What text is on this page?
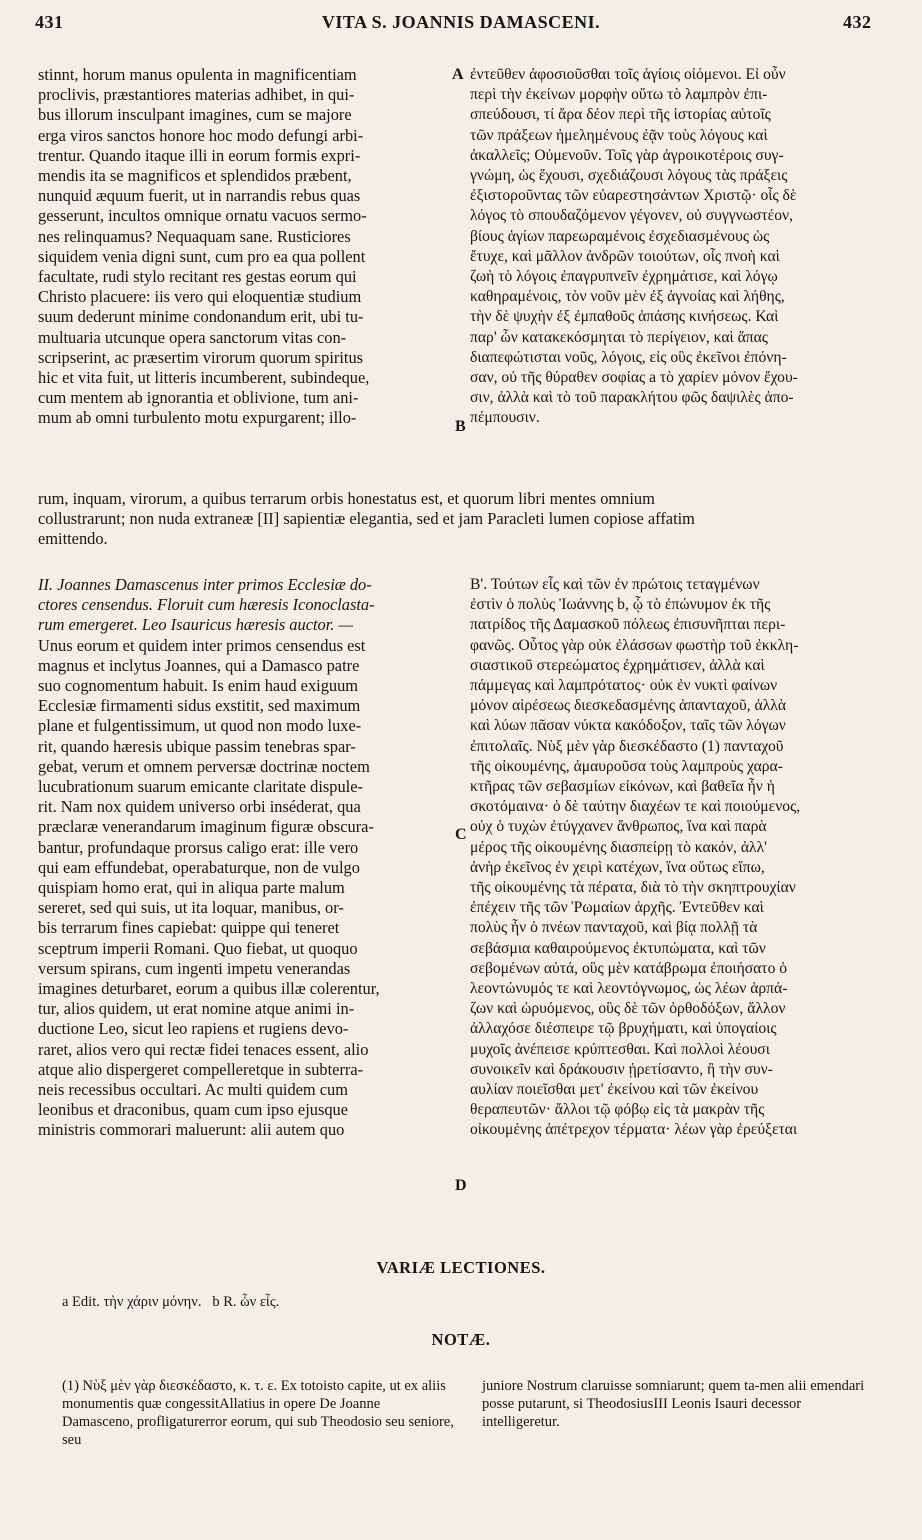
431	VITA S. JOANNIS DAMASCENI.	432
stinnt, horum manus opulenta in magnificentiam
proclivis, præstantiores materias adhibet, in qui-
bus illorum insculpant imagines, cum se majore
erga viros sanctos honore hoc modo defungi arbi-
trentur. Quando itaque illi in eorum formis expri-
mendis ita se magnificos et splendidos præbent,
nunquid æquum fuerit, ut in narrandis rebus quas
gesserunt, incultos omnique ornatu vacuos sermo-
nes relinquamus? Nequaquam sane. Rusticiores
siquidem venia digni sunt, cum pro ea qua pollent
facultate, rudi stylo recitant res gestas eorum qui
Christo placuere: iis vero qui eloquentiæ studium
suum dederunt minime condonandum erit, ubi tu-
multuaria utcunque opera sanctorum vitas con-
scripserint, ac præsertim virorum quorum spiritus
hic et vita fuit, ut litteris incumberent, subindeque,
cum mentem ab ignorantia et oblivione, tum ani-
mum ab omni turbulento motu expurgarent; illo-
ἐντεῦθεν ἀφοσιοῦσθαι τοῖς ἁγίοις οἰόμενοι. Εἰ οὖν
περὶ τὴν ἐκείνων μορφὴν οὕτω τὸ λαμπρὸν ἐπι-
σπεύδουσι, τί ἄρα δέον περὶ τῆς ἱστορίας αὐτοῖς
τῶν πράξεων ἠμελημένους ἐᾷν τοὺς λόγους καὶ
ἀκαλλεῖς; Οὐμενοῦν. Τοῖς γὰρ ἀγροικοτέροις συγ-
γνώμη, ὡς ἔχουσι, σχεδιάζουσι λόγους τὰς πράξεις
ἐξιστοροῦντας τῶν εὐαρεστησάντων Χριστῷ· οἷς δὲ
λόγος τὸ σπουδαζόμενον γέγονεν, οὐ συγγνωστέον,
βίους ἁγίων παρεωραμένοις ἐσχεδιασμένους ὡς
ἔτυχε, καὶ μᾶλλον ἀνδρῶν τοιούτων, οἷς πνοὴ καὶ
ζωὴ τὸ λόγοις ἐπαγρυπνεῖν ἐχρημάτισε, καὶ λόγῳ
καθηραμένοις, τὸν νοῦν μὲν ἐξ ἀγνοίας καὶ λήθης,
τὴν δὲ ψυχὴν ἐξ ἐμπαθοῦς ἁπάσης κινήσεως. Καὶ
παρ' ὧν κατακεκόσμηται τὸ περίγειον, καὶ ἅπας
διαπεφώτισται νοῦς, λόγοις, εἰς οὓς ἐκεῖνοι ἐπόνη-
σαν, οὐ τῆς θύραθεν σοφίας a τὸ χαρίεν μόνον ἔχου-
σιν, ἀλλὰ καὶ τὸ τοῦ παρακλήτου φῶς δαψιλὲς ἀπο-
πέμπουσιν.
A
B
rum, inquam, virorum, a quibus terrarum orbis honestatus est, et quorum libri mentes omnium
collustrarunt; non nuda extraneæ [II] sapientiæ elegantia, sed et jam Paracleti lumen copiose affatim
emittendo.
II. Joannes Damascenus inter primos Ecclesiæ do-
ctores censendus. Floruit cum hæresis Iconoclasta-
rum emergeret. Leo Isauricus hæresis auctor. —
Unus eorum et quidem inter primos censendus est
magnus et inclytus Joannes, qui a Damasco patre
suo cognomentum habuit. Is enim haud exiguum
Ecclesiæ firmamenti sidus exstitit, sed maximum
plane et fulgentissimum, ut quod non modo luxe-
rit, quando hæresis ubique passim tenebras spar-
gebat, verum et omnem perversæ doctrinæ noctem
lucubrationum suarum emicante claritate dispule-
rit. Nam nox quidem universo orbi inséderat, qua
præclaræ venerandarum imaginum figuræ obscura-
bantur, profundaque prorsus caligo erat: ille vero
qui eam effundebat, operabaturque, non de vulgo
quispiam homo erat, qui in aliqua parte malum
sereret, sed qui suis, ut ita loquar, manibus, or-
bis terrarum fines capiebat: quippe qui teneret
sceptrum imperii Romani. Quo fiebat, ut quoquo
versum spirans, cum ingenti impetu venerandas
imagines deturbaret, eorum a quibus illæ colerentur,
tur, alios quidem, ut erat nomine atque animi in-
ductione Leo, sicut leo rapiens et rugiens devo-
raret, alios vero qui rectæ fidei tenaces essent, alio
atque alio dispergeret compelleretque in subterra-
neis recessibus occultari. Ac multi quidem cum
leonibus et draconibus, quam cum ipso ejusque
ministris commorari maluerunt: alii autem quo
Β'. Τούτων εἷς καὶ τῶν ἐν πρώτοις τεταγμένων
ἐστὶν ὁ πολὺς Ἰωάννης b, ᾧ τὸ ἐπώνυμον ἐκ τῆς
πατρίδος τῆς Δαμασκοῦ πόλεως ἐπισυνῆπται περι-
φανῶς. Οὗτος γὰρ οὐκ ἐλάσσων φωστὴρ τοῦ ἐκκλη-
σιαστικοῦ στερεώματος ἐχρημάτισεν, ἀλλὰ καὶ
πάμμεγας καὶ λαμπρότατος· οὐκ ἐν νυκτὶ φαίνων
μόνον αἱρέσεως διεσκεδασμένης ἁπανταχοῦ, ἀλλὰ
καὶ λύων πᾶσαν νύκτα κακόδοξον, ταῖς τῶν λόγων
ἐπιτολαῖς. Νὺξ μὲν γὰρ διεσκέδαστο (1) πανταχοῦ
τῆς οἰκουμένης, ἀμαυροῦσα τοὺς λαμπροὺς χαρα-
κτῆρας τῶν σεβασμίων εἰκόνων, καὶ βαθεῖα ἦν ἡ
σκοτόμαινα· ὁ δὲ ταύτην διαχέων τε καὶ ποιούμενος,
οὐχ ὁ τυχὼν ἐτύγχανεν ἄνθρωπος, ἵνα καὶ παρὰ
μέρος τῆς οἰκουμένης διασπείρῃ τὸ κακόν, ἀλλ'
ἀνὴρ ἐκεῖνος ἐν χειρὶ κατέχων, ἵνα οὕτως εἴπω,
τῆς οἰκουμένης τὰ πέρατα, διὰ τὸ τὴν σκηπτρουχίαν
ἐπέχειν τῆς τῶν Ῥωμαίων ἀρχῆς. Ἐντεῦθεν καὶ
πολὺς ἦν ὁ πνέων πανταχοῦ, καὶ βίᾳ πολλῇ τὰ
σεβάσμια καθαιρούμενος ἐκτυπώματα, καὶ τῶν
σεβομένων αὐτά, οὓς μὲν κατάβρωμα ἐποιήσατο ὁ
λεοντώνυμός τε καὶ λεοντόγνωμος, ὡς λέων ἁρπά-
ζων καὶ ὠρυόμενος, οὓς δὲ τῶν ὀρθοδόξων, ἄλλον
ἀλλαχόσε διέσπειρε τῷ βρυχήματι, καὶ ὑπογαίοις
μυχοῖς ἀνέπεισε κρύπτεσθαι. Καὶ πολλοὶ λέουσι
συνοικεῖν καὶ δράκουσιν ᾑρετίσαντο, ἢ τὴν συν-
αυλίαν ποιεῖσθαι μετ' ἐκείνου καὶ τῶν ἐκείνου
θεραπευτῶν· ἄλλοι τῷ φόβῳ εἰς τὰ μακρὰν τῆς
οἰκουμένης ἀπέτρεχον τέρματα· λέων γὰρ ἐρεύξεται
C
D
VARIÆ LECTIONES.
a Edit. τὴν χάριν μόνην.   b R. ὧν εἷς.
NOTÆ.
(1) Νὺξ μὲν γὰρ διεσκέδαστο, κ. τ. ε. Ex totoisto capite, ut ex aliis monumentis quæ congessitAllatius in opere De Joanne Damasceno, profligaturerror eorum, qui sub Theodosio seu seniore, seu
juniore Nostrum claruisse somniarunt; quem ta-men alii emendari posse putarunt, si TheodosiusIII Leonis Isauri decessor intelligeretur.
